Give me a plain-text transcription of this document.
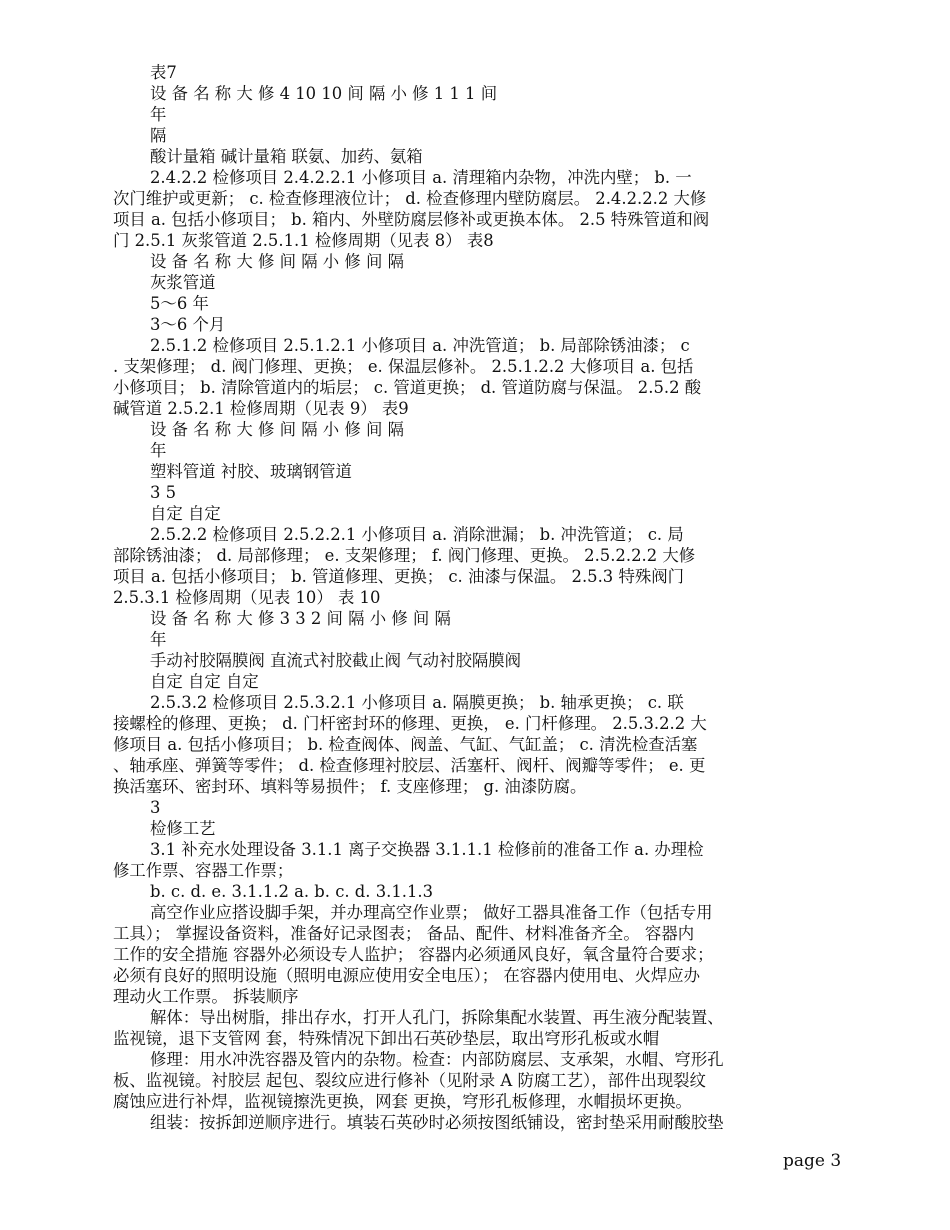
表7

设 备 名 称 大 修 4 10 10 间 隔 小 修 1 1 1 间

年

隔

酸计量箱 碱计量箱 联氨、加药、氨箱

2.4.2.2 检修项目 2.4.2.2.1 小修项目 a. 清理箱内杂物，冲洗内壁； b. 一

次门维护或更新； c. 检查修理液位计； d. 检查修理内壁防腐层。 2.4.2.2.2 大修

项目 a. 包括小修项目； b. 箱内、外壁防腐层修补或更换本体。 2.5 特殊管道和阀

门 2.5.1 灰浆管道 2.5.1.1 检修周期（见表 8） 表8

设 备 名 称 大 修 间 隔 小 修 间 隔

灰浆管道

5～6 年

3～6 个月

2.5.1.2 检修项目 2.5.1.2.1 小修项目 a. 冲洗管道； b. 局部除锈油漆； c

. 支架修理； d. 阀门修理、更换； e. 保温层修补。 2.5.1.2.2 大修项目 a. 包括

小修项目； b. 清除管道内的垢层； c. 管道更换； d. 管道防腐与保温。 2.5.2 酸

碱管道 2.5.2.1 检修周期（见表 9） 表9

设 备 名 称 大 修 间 隔 小 修 间 隔

年

塑料管道 衬胶、玻璃钢管道

3 5

自定 自定

2.5.2.2 检修项目 2.5.2.2.1 小修项目 a. 消除泄漏； b. 冲洗管道； c. 局

部除锈油漆； d. 局部修理； e. 支架修理； f. 阀门修理、更换。 2.5.2.2.2 大修

项目 a. 包括小修项目； b. 管道修理、更换； c. 油漆与保温。 2.5.3 特殊阀门

2.5.3.1 检修周期（见表 10） 表 10

设 备 名 称 大 修 3 3 2 间 隔 小 修 间 隔

年

手动衬胶隔膜阀 直流式衬胶截止阀 气动衬胶隔膜阀

自定 自定 自定

2.5.3.2 检修项目 2.5.3.2.1 小修项目 a. 隔膜更换； b. 轴承更换； c. 联

接螺栓的修理、更换； d. 门杆密封环的修理、更换， e. 门杆修理。 2.5.3.2.2 大

修项目 a. 包括小修项目； b. 检查阀体、阀盖、气缸、气缸盖； c. 清洗检查活塞

、轴承座、弹簧等零件； d. 检查修理衬胶层、活塞杆、阀杆、阀瓣等零件； e. 更

换活塞环、密封环、填料等易损件； f. 支座修理； g. 油漆防腐。

3

检修工艺

3.1 补充水处理设备 3.1.1 离子交换器 3.1.1.1 检修前的准备工作 a. 办理检

修工作票、容器工作票；

b. c. d. e. 3.1.1.2 a. b. c. d. 3.1.1.3

高空作业应搭设脚手架，并办理高空作业票； 做好工器具准备工作（包括专用

工具）； 掌握设备资料，准备好记录图表； 备品、配件、材料准备齐全。 容器内

工作的安全措施 容器外必须设专人监护； 容器内必须通风良好，氧含量符合要求；

必须有良好的照明设施（照明电源应使用安全电压）； 在容器内使用电、火焊应办

理动火工作票。 拆装顺序

解体：导出树脂，排出存水，打开人孔门，拆除集配水装置、再生液分配装置、

监视镜，退下支管网 套，特殊情况下卸出石英砂垫层，取出穹形孔板或水帽

修理：用水冲洗容器及管内的杂物。检查：内部防腐层、支承架，水帽、穹形孔

板、监视镜。衬胶层 起包、裂纹应进行修补（见附录 A 防腐工艺），部件出现裂纹

腐蚀应进行补焊，监视镜擦洗更换，网套 更换，穹形孔板修理，水帽损坏更换。

组装：按拆卸逆顺序进行。填装石英砂时必须按图纸铺设，密封垫采用耐酸胶垫

page 3
